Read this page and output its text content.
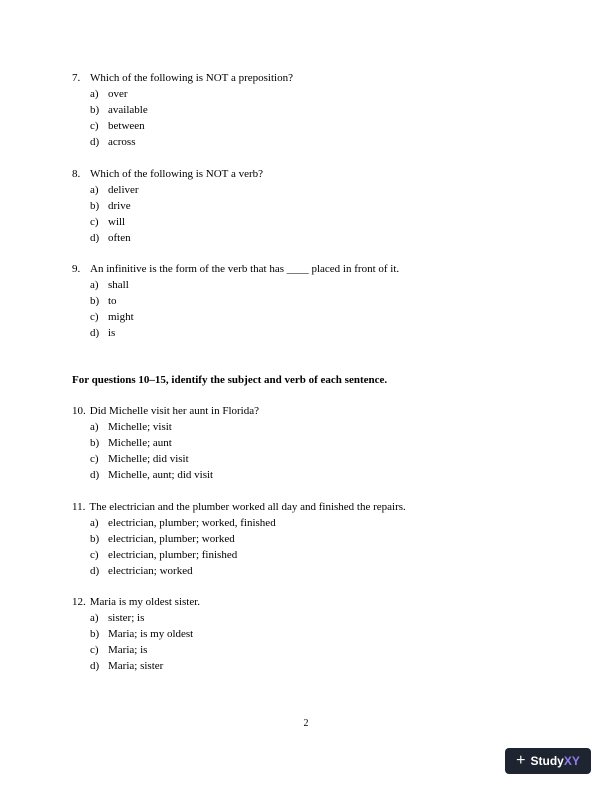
7. Which of the following is NOT a preposition?
a) over
b) available
c) between
d) across
8. Which of the following is NOT a verb?
a) deliver
b) drive
c) will
d) often
9. An infinitive is the form of the verb that has ____ placed in front of it.
a) shall
b) to
c) might
d) is
For questions 10–15, identify the subject and verb of each sentence.
10. Did Michelle visit her aunt in Florida?
a) Michelle; visit
b) Michelle; aunt
c) Michelle; did visit
d) Michelle, aunt; did visit
11. The electrician and the plumber worked all day and finished the repairs.
a) electrician, plumber; worked, finished
b) electrician, plumber; worked
c) electrician, plumber; finished
d) electrician; worked
12. Maria is my oldest sister.
a) sister; is
b) Maria; is my oldest
c) Maria; is
d) Maria; sister
2
+ StudyXY
